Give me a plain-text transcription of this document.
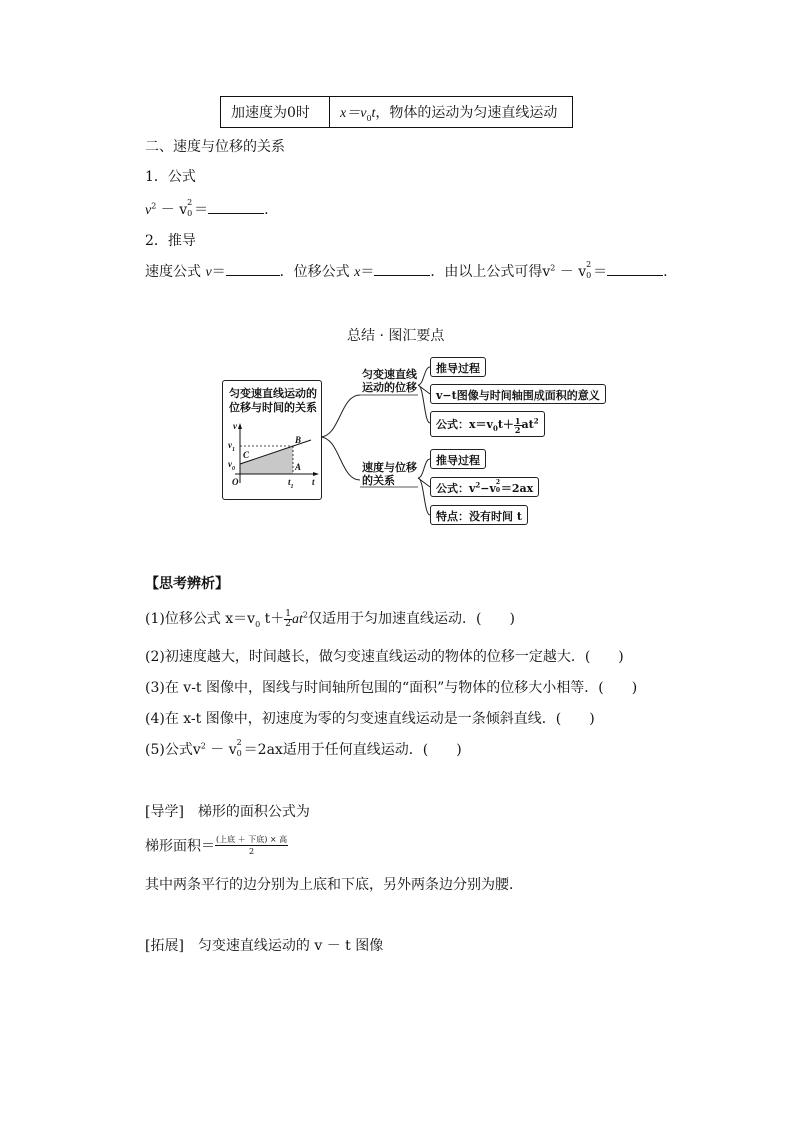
加速度为0时	$x=v_0t$，物体的运动为匀速直线运动
二、速度与位移的关系
1．公式
$v^2 - v$ 2
0 ＝	.
2．推导
速度公式 v＝	．位移公式 x＝	．由以上公式可得$v^2 - v$ 2
0 ＝	.
总结 · 图汇要点
匀变速直线运动的
位移与时间的关系
v
$v_1$
$v_0$
C
B
A
O	$t_1$ t
匀变速直线
运动的位移
速度与位移
的关系
推导过程
v−t图像与时间轴围成面积的意义
公式：$x=v_0t+ \frac{1}{2} at^2$
推导过程
公式：$v^2-v$ 2
0 ＝2ax
特点：没有时间 t
【思考辨析】
(1)位移公式 $x=v_0$ $t+ \frac{1}{2} at^2$仅适用于匀加速直线运动．(　　)
(2)初速度越大，时间越长，做匀变速直线运动的物体的位移一定越大．(　　)
(3)在 v-t 图像中，图线与时间轴所包围的“面积”与物体的位移大小相等．(　　)
(4)在 x-t 图像中，初速度为零的匀变速直线运动是一条倾斜直线．(　　)
(5)公式$v^2 - v$ 2
0 ＝2ax适用于任何直线运动．(　　)
[导学]　梯形的面积公式为
梯形面积＝ $\frac{\text{(上底 ＋ 下底) × 高}}{2}$
其中两条平行的边分别为上底和下底，另外两条边分别为腰．
[拓展]　匀变速直线运动的 v － t 图像
